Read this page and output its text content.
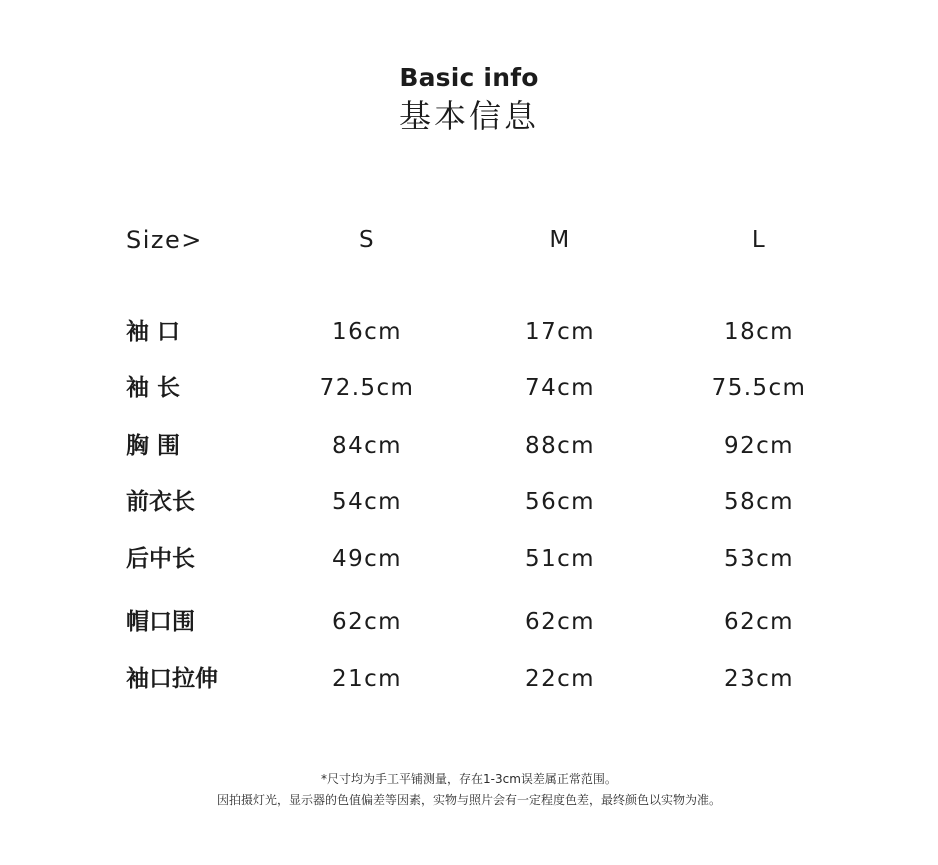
Basic info
基本信息
Size>	S	M	L
袖 口	16cm	17cm	18cm
袖 长	72.5cm	74cm	75.5cm
胸 围	84cm	88cm	92cm
前衣长	54cm	56cm	58cm
后中长	49cm	51cm	53cm
帽口围	62cm	62cm	62cm
袖口拉伸	21cm	22cm	23cm
*尺寸均为手工平铺测量，存在1-3cm误差属正常范围。
因拍摄灯光，显示器的色值偏差等因素，实物与照片会有一定程度色差，最终颜色以实物为准。
